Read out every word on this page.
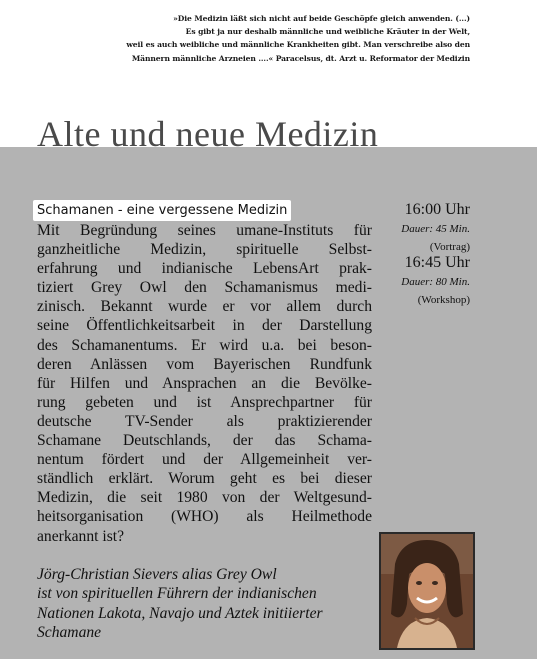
»Die Medizin läßt sich nicht auf beide Geschöpfe gleich anwenden. (...)
Es gibt ja nur deshalb männliche und weibliche Kräuter in der Welt,
weil es auch weibliche und männliche Krankheiten gibt. Man verschreibe also den
Männern männliche Arzneien ....« Paracelsus, dt. Arzt u. Reformator der Medizin
Alte und neue Medizin
Schamanen - eine vergessene Medizin
Mit Begründung seines umane-Instituts für
ganzheitliche Medizin, spirituelle Selbst-
erfahrung und indianische LebensArt prak-
tiziert Grey Owl den Schamanismus medi-
zinisch. Bekannt wurde er vor allem durch
seine Öffentlichkeitsarbeit in der Darstellung
des Schamanentums. Er wird u.a. bei beson-
deren Anlässen vom Bayerischen Rundfunk
für Hilfen und Ansprachen an die Bevölke-
rung gebeten und ist Ansprechpartner für
deutsche TV-Sender als praktizierender
Schamane Deutschlands, der das Schama-
nentum fördert und der Allgemeinheit ver-
ständlich erklärt. Worum geht es bei dieser
Medizin, die seit 1980 von der Weltgesund-
heitsorganisation (WHO) als Heilmethode
anerkannt ist?
Jörg-Christian Sievers alias Grey Owl
ist von spirituellen Führern der indianischen
Nationen Lakota, Navajo und Aztek initiierter
Schamane
16:00 Uhr
Dauer: 45 Min.
(Vortrag)
16:45 Uhr
Dauer: 80 Min.
(Workshop)
